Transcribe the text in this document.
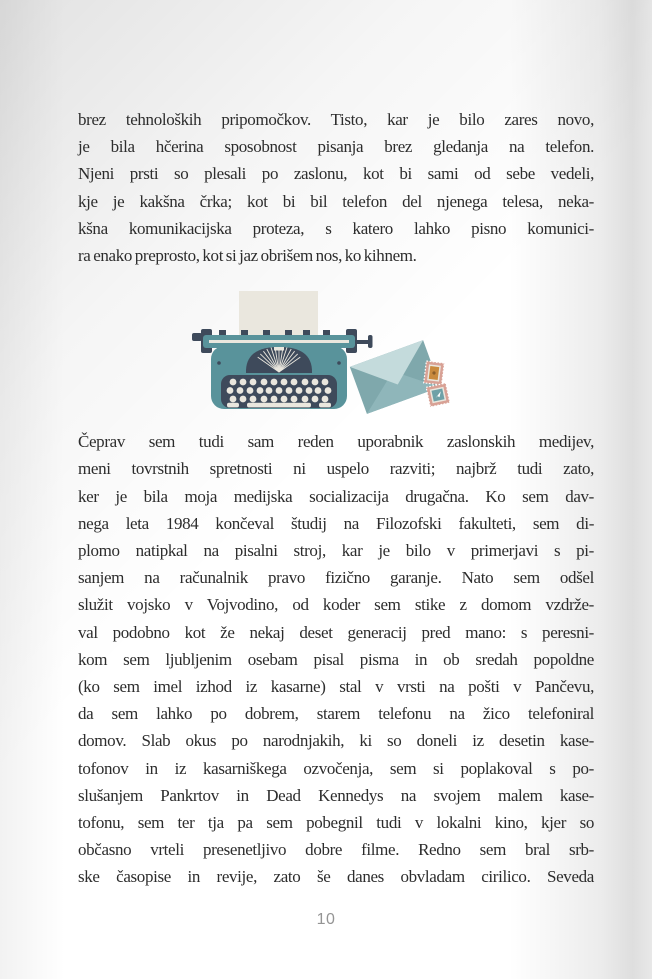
brez tehnoloških pripomočkov. Tisto, kar je bilo zares novo,
je bila hčerina sposobnost pisanja brez gledanja na telefon.
Njeni prsti so plesali po zaslonu, kot bi sami od sebe vedeli,
kje je kakšna črka; kot bi bil telefon del njenega telesa, neka-
kšna komunikacijska proteza, s katero lahko pisno komunici-
ra enako preprosto, kot si jaz obrišem nos, ko kihnem.
Čeprav sem tudi sam reden uporabnik zaslonskih medijev,
meni tovrstnih spretnosti ni uspelo razviti; najbrž tudi zato,
ker je bila moja medijska socializacija drugačna. Ko sem dav-
nega leta 1984 končeval študij na Filozofski fakulteti, sem di-
plomo natipkal na pisalni stroj, kar je bilo v primerjavi s pi-
sanjem na računalnik pravo fizično garanje. Nato sem odšel
služit vojsko v Vojvodino, od koder sem stike z domom vzdrže-
val podobno kot že nekaj deset generacij pred mano: s peresni-
kom sem ljubljenim osebam pisal pisma in ob sredah popoldne
(ko sem imel izhod iz kasarne) stal v vrsti na pošti v Pančevu,
da sem lahko po dobrem, starem telefonu na žico telefoniral
domov. Slab okus po narodnjakih, ki so doneli iz desetin kase-
tofonov in iz kasarniškega ozvočenja, sem si poplakoval s po-
slušanjem Pankrtov in Dead Kennedys na svojem malem kase-
tofonu, sem ter tja pa sem pobegnil tudi v lokalni kino, kjer so
občasno vrteli presenetljivo dobre filme. Redno sem bral srb-
ske časopise in revije, zato še danes obvladam cirilico. Seveda
10
